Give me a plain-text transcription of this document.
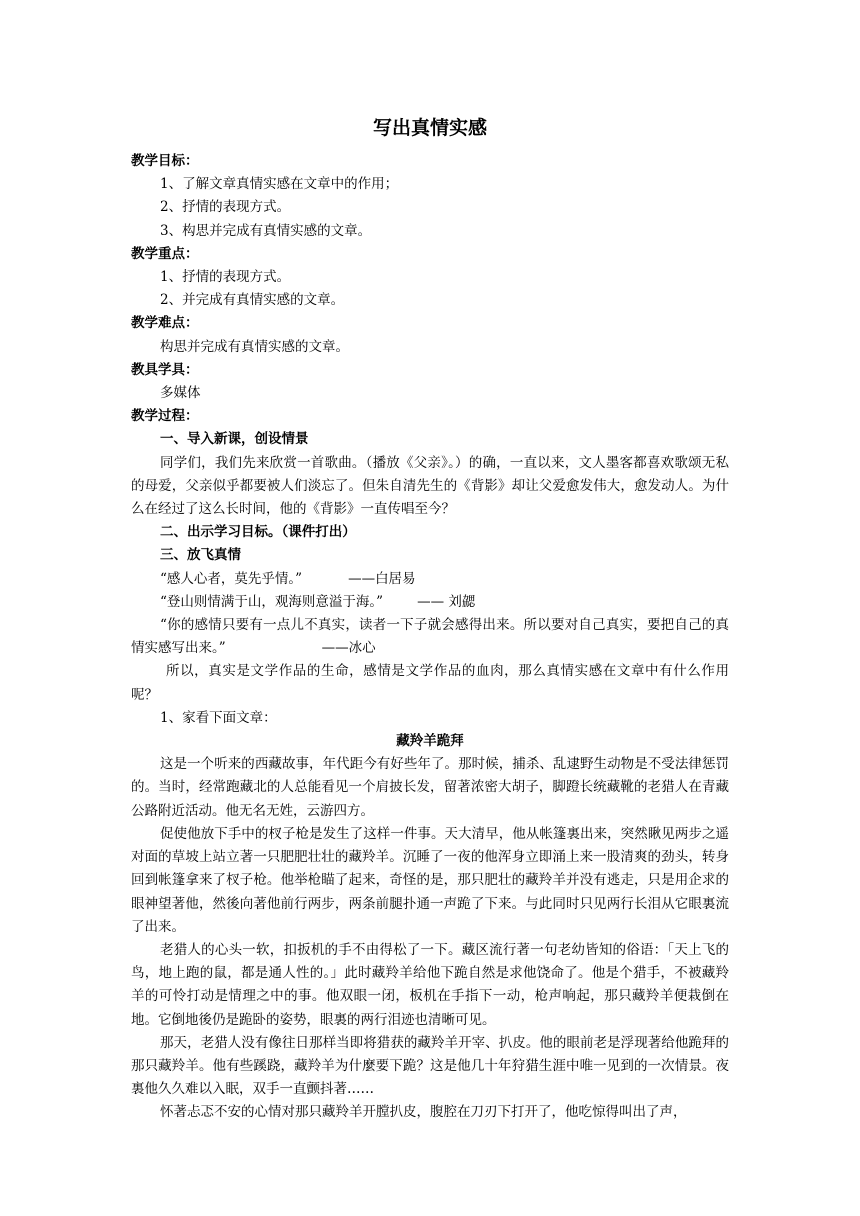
写出真情实感

教学目标：

1、了解文章真情实感在文章中的作用；

2、抒情的表现方式。

3、构思并完成有真情实感的文章。

教学重点：

1、抒情的表现方式。

2、并完成有真情实感的文章。

教学难点：

构思并完成有真情实感的文章。

教具学具：

多媒体

教学过程：

一、导入新课，创设情景

同学们，我们先来欣赏一首歌曲。（播放《父亲》。）的确，一直以来，文人墨客都喜欢歌颂无私的母爱，父亲似乎都要被人们淡忘了。但朱自清先生的《背影》却让父爱愈发伟大，愈发动人。为什么在经过了这么长时间，他的《背影》一直传唱至今？

二、出示学习目标。（课件打出）

三、放飞真情

“感人心者，莫先乎情。”	——白居易

“登山则情满于山，观海则意溢于海。”	—— 刘勰

“你的感情只要有一点儿不真实，读者一下子就会感得出来。所以要对自己真实，要把自己的真情实感写出来。”	——冰心

所以，真实是文学作品的生命，感情是文学作品的血肉，那么真情实感在文章中有什么作用呢？

1、家看下面文章：

藏羚羊跪拜

这是一个听来的西藏故事，年代距今有好些年了。那时候，捕杀、乱逮野生动物是不受法律惩罚的。当时，经常跑藏北的人总能看见一个肩披长发，留著浓密大胡子，脚蹬长统藏靴的老猎人在青藏公路附近活动。他无名无姓，云游四方。

促使他放下手中的杈子枪是发生了这样一件事。天大清早，他从帐篷裏出来，突然瞅见两步之遥对面的草坡上站立著一只肥肥壮壮的藏羚羊。沉睡了一夜的他浑身立即涌上来一股清爽的劲头，转身回到帐篷拿来了杈子枪。他举枪瞄了起来，奇怪的是，那只肥壮的藏羚羊并没有逃走，只是用企求的眼神望著他，然後向著他前行两步，两条前腿扑通一声跪了下来。与此同时只见两行长泪从它眼裏流了出来。

老猎人的心头一软，扣扳机的手不由得松了一下。藏区流行著一句老幼皆知的俗语：「天上飞的鸟，地上跑的鼠，都是通人性的。」此时藏羚羊给他下跪自然是求他饶命了。他是个猎手，不被藏羚羊的可怜打动是情理之中的事。他双眼一闭，板机在手指下一动，枪声响起，那只藏羚羊便栽倒在地。它倒地後仍是跪卧的姿势，眼裏的两行泪迹也清晰可见。

那天，老猎人没有像往日那样当即将猎获的藏羚羊开宰、扒皮。他的眼前老是浮现著给他跪拜的那只藏羚羊。他有些蹊跷，藏羚羊为什麼要下跪？这是他几十年狩猎生涯中唯一见到的一次情景。夜裏他久久难以入眠，双手一直颤抖著……

怀著忐忑不安的心情对那只藏羚羊开膛扒皮，腹腔在刀刃下打开了，他吃惊得叫出了声，
